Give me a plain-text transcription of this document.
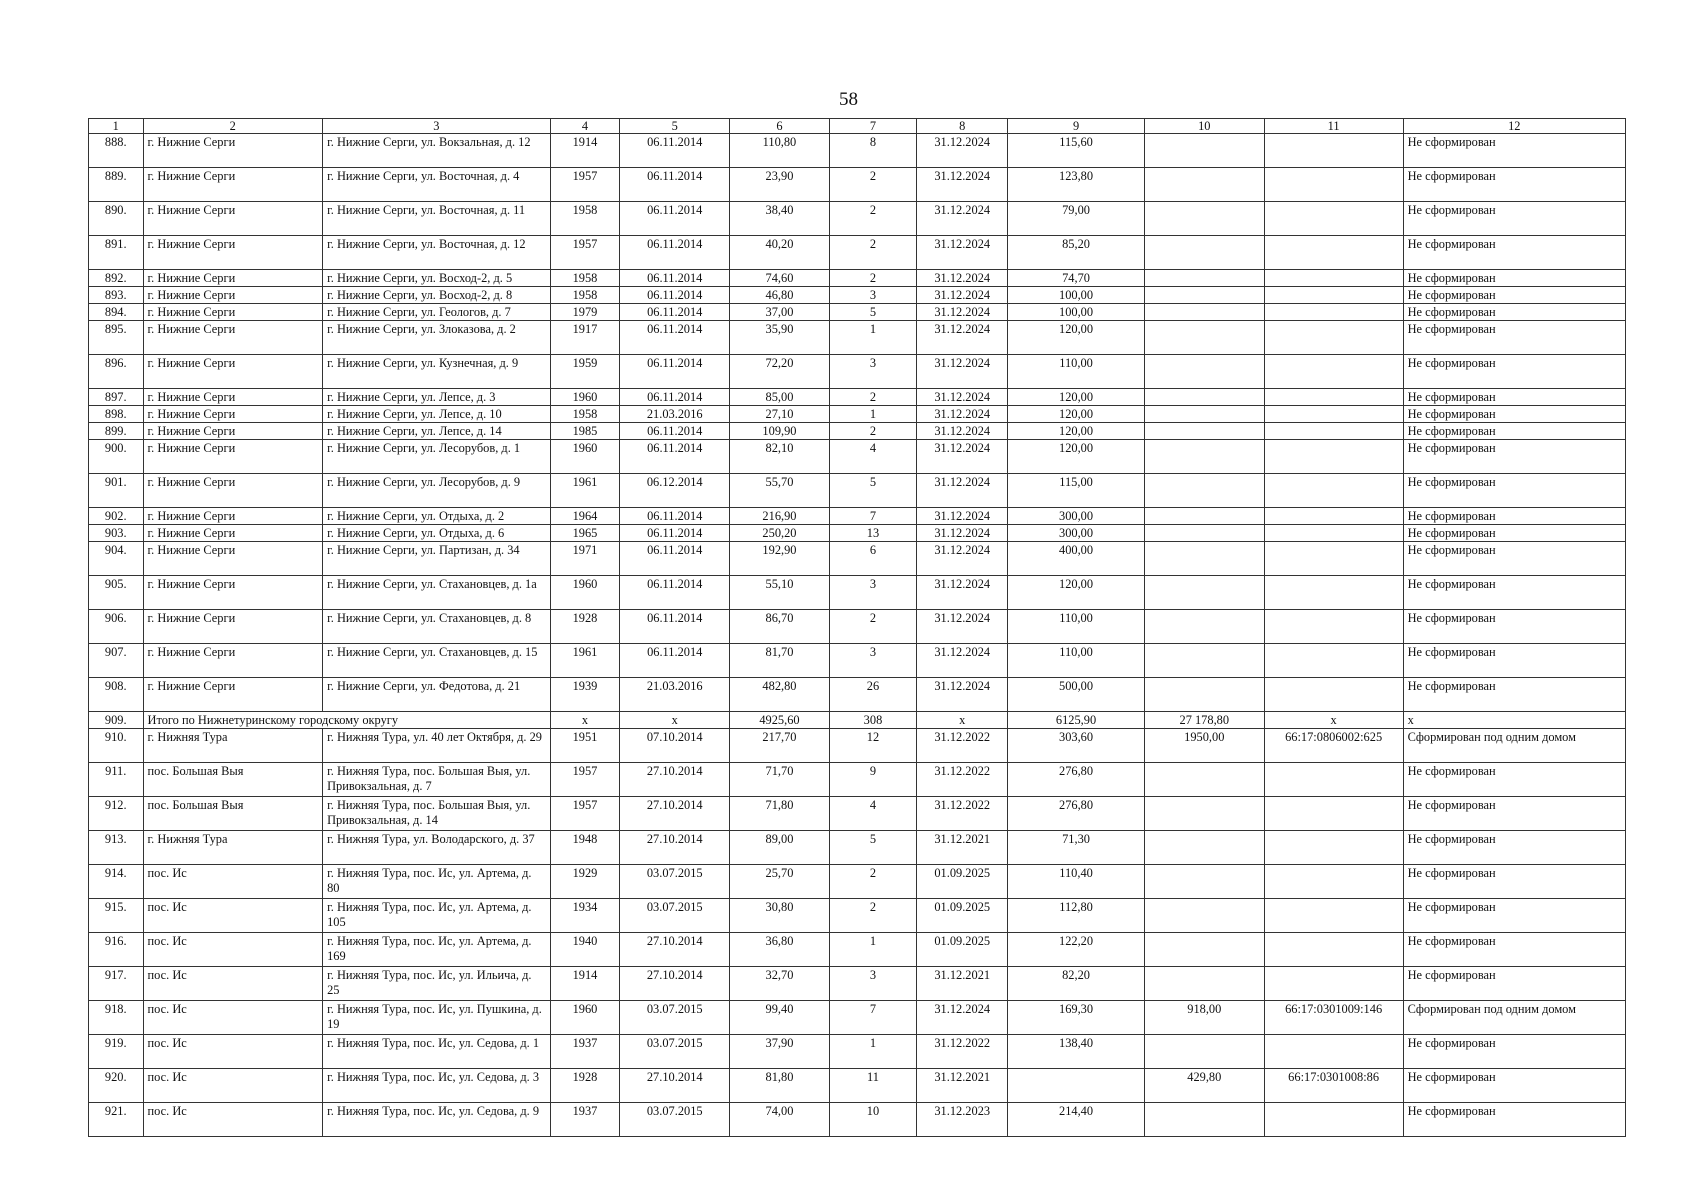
58
1	2	3	4	5	6	7	8	9	10	11	12
888.	г. Нижние Серги	г. Нижние Серги, ул. Вокзальная, д. 12	1914	06.11.2014	110,80	8	31.12.2024	115,60			Не сформирован
889.	г. Нижние Серги	г. Нижние Серги, ул. Восточная, д. 4	1957	06.11.2014	23,90	2	31.12.2024	123,80			Не сформирован
890.	г. Нижние Серги	г. Нижние Серги, ул. Восточная, д. 11	1958	06.11.2014	38,40	2	31.12.2024	79,00			Не сформирован
891.	г. Нижние Серги	г. Нижние Серги, ул. Восточная, д. 12	1957	06.11.2014	40,20	2	31.12.2024	85,20			Не сформирован
892.	г. Нижние Серги	г. Нижние Серги, ул. Восход-2, д. 5	1958	06.11.2014	74,60	2	31.12.2024	74,70			Не сформирован
893.	г. Нижние Серги	г. Нижние Серги, ул. Восход-2, д. 8	1958	06.11.2014	46,80	3	31.12.2024	100,00			Не сформирован
894.	г. Нижние Серги	г. Нижние Серги, ул. Геологов, д. 7	1979	06.11.2014	37,00	5	31.12.2024	100,00			Не сформирован
895.	г. Нижние Серги	г. Нижние Серги, ул. Злоказова, д. 2	1917	06.11.2014	35,90	1	31.12.2024	120,00			Не сформирован
896.	г. Нижние Серги	г. Нижние Серги, ул. Кузнечная, д. 9	1959	06.11.2014	72,20	3	31.12.2024	110,00			Не сформирован
897.	г. Нижние Серги	г. Нижние Серги, ул. Лепсе, д. 3	1960	06.11.2014	85,00	2	31.12.2024	120,00			Не сформирован
898.	г. Нижние Серги	г. Нижние Серги, ул. Лепсе, д. 10	1958	21.03.2016	27,10	1	31.12.2024	120,00			Не сформирован
899.	г. Нижние Серги	г. Нижние Серги, ул. Лепсе, д. 14	1985	06.11.2014	109,90	2	31.12.2024	120,00			Не сформирован
900.	г. Нижние Серги	г. Нижние Серги, ул. Лесорубов, д. 1	1960	06.11.2014	82,10	4	31.12.2024	120,00			Не сформирован
901.	г. Нижние Серги	г. Нижние Серги, ул. Лесорубов, д. 9	1961	06.12.2014	55,70	5	31.12.2024	115,00			Не сформирован
902.	г. Нижние Серги	г. Нижние Серги, ул. Отдыха, д. 2	1964	06.11.2014	216,90	7	31.12.2024	300,00			Не сформирован
903.	г. Нижние Серги	г. Нижние Серги, ул. Отдыха, д. 6	1965	06.11.2014	250,20	13	31.12.2024	300,00			Не сформирован
904.	г. Нижние Серги	г. Нижние Серги, ул. Партизан, д. 34	1971	06.11.2014	192,90	6	31.12.2024	400,00			Не сформирован
905.	г. Нижние Серги	г. Нижние Серги, ул. Стахановцев, д. 1а	1960	06.11.2014	55,10	3	31.12.2024	120,00			Не сформирован
906.	г. Нижние Серги	г. Нижние Серги, ул. Стахановцев, д. 8	1928	06.11.2014	86,70	2	31.12.2024	110,00			Не сформирован
907.	г. Нижние Серги	г. Нижние Серги, ул. Стахановцев, д. 15	1961	06.11.2014	81,70	3	31.12.2024	110,00			Не сформирован
908.	г. Нижние Серги	г. Нижние Серги, ул. Федотова, д. 21	1939	21.03.2016	482,80	26	31.12.2024	500,00			Не сформирован
909.	Итого по Нижнетуринскому городскому округу		x	x	4925,60	308	x	6125,90	27 178,80	x	x
910.	г. Нижняя Тура	г. Нижняя Тура, ул. 40 лет Октября, д. 29	1951	07.10.2014	217,70	12	31.12.2022	303,60	1950,00	66:17:0806002:625	Сформирован под одним домом
911.	пос. Большая Выя	г. Нижняя Тура, пос. Большая Выя, ул. Привокзальная, д. 7	1957	27.10.2014	71,70	9	31.12.2022	276,80			Не сформирован
912.	пос. Большая Выя	г. Нижняя Тура, пос. Большая Выя, ул. Привокзальная, д. 14	1957	27.10.2014	71,80	4	31.12.2022	276,80			Не сформирован
913.	г. Нижняя Тура	г. Нижняя Тура, ул. Володарского, д. 37	1948	27.10.2014	89,00	5	31.12.2021	71,30			Не сформирован
914.	пос. Ис	г. Нижняя Тура, пос. Ис, ул. Артема, д. 80	1929	03.07.2015	25,70	2	01.09.2025	110,40			Не сформирован
915.	пос. Ис	г. Нижняя Тура, пос. Ис, ул. Артема, д. 105	1934	03.07.2015	30,80	2	01.09.2025	112,80			Не сформирован
916.	пос. Ис	г. Нижняя Тура, пос. Ис, ул. Артема, д. 169	1940	27.10.2014	36,80	1	01.09.2025	122,20			Не сформирован
917.	пос. Ис	г. Нижняя Тура, пос. Ис, ул. Ильича, д. 25	1914	27.10.2014	32,70	3	31.12.2021	82,20			Не сформирован
918.	пос. Ис	г. Нижняя Тура, пос. Ис, ул. Пушкина, д. 19	1960	03.07.2015	99,40	7	31.12.2024	169,30	918,00	66:17:0301009:146	Сформирован под одним домом
919.	пос. Ис	г. Нижняя Тура, пос. Ис, ул. Седова, д. 1	1937	03.07.2015	37,90	1	31.12.2022	138,40			Не сформирован
920.	пос. Ис	г. Нижняя Тура, пос. Ис, ул. Седова, д. 3	1928	27.10.2014	81,80	11	31.12.2021		429,80	66:17:0301008:86	Не сформирован
921.	пос. Ис	г. Нижняя Тура, пос. Ис, ул. Седова, д. 9	1937	03.07.2015	74,00	10	31.12.2023	214,40			Не сформирован
